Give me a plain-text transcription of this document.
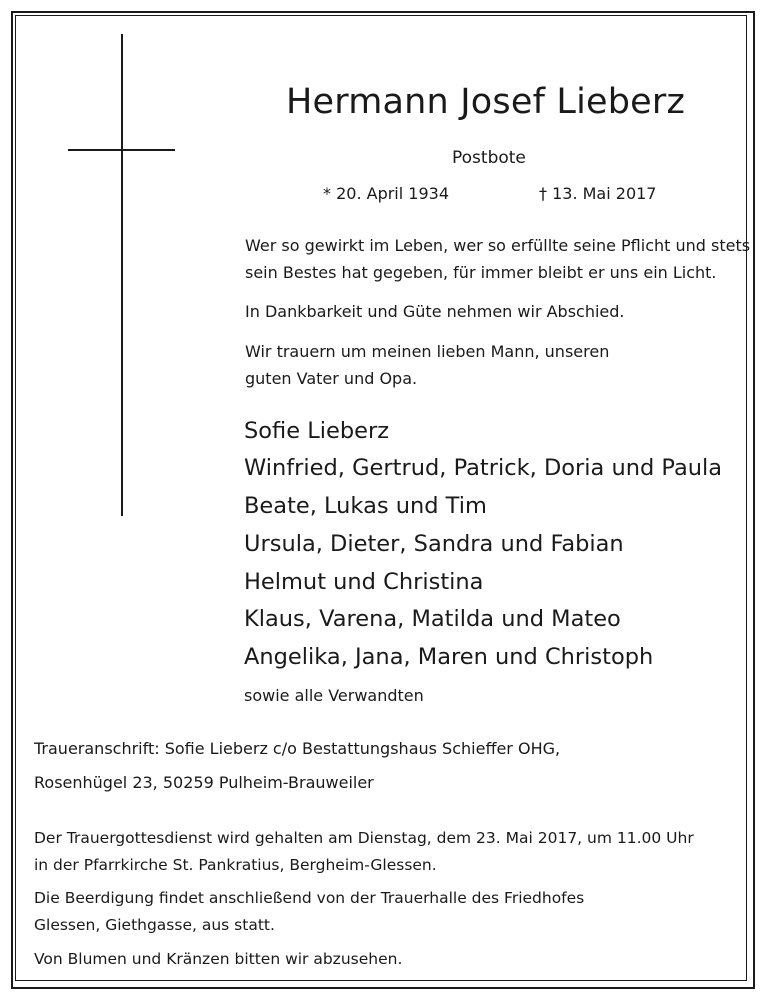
Hermann Josef Lieberz

Postbote

* 20. April 1934	† 13. Mai 2017

Wer so gewirkt im Leben, wer so erfüllte seine Pflicht und stets

sein Bestes hat gegeben, für immer bleibt er uns ein Licht.

In Dankbarkeit und Güte nehmen wir Abschied.

Wir trauern um meinen lieben Mann, unseren

guten Vater und Opa.

Sofie Lieberz

Winfried, Gertrud, Patrick, Doria und Paula

Beate, Lukas und Tim

Ursula, Dieter, Sandra und Fabian

Helmut und Christina

Klaus, Varena, Matilda und Mateo

Angelika, Jana, Maren und Christoph

sowie alle Verwandten

Traueranschrift: Sofie Lieberz c/o Bestattungshaus Schieffer OHG,

Rosenhügel 23, 50259 Pulheim-Brauweiler

Der Trauergottesdienst wird gehalten am Dienstag, dem 23. Mai 2017, um 11.00 Uhr

in der Pfarrkirche St. Pankratius, Bergheim-Glessen.

Die Beerdigung findet anschließend von der Trauerhalle des Friedhofes

Glessen, Giethgasse, aus statt.

Von Blumen und Kränzen bitten wir abzusehen.
